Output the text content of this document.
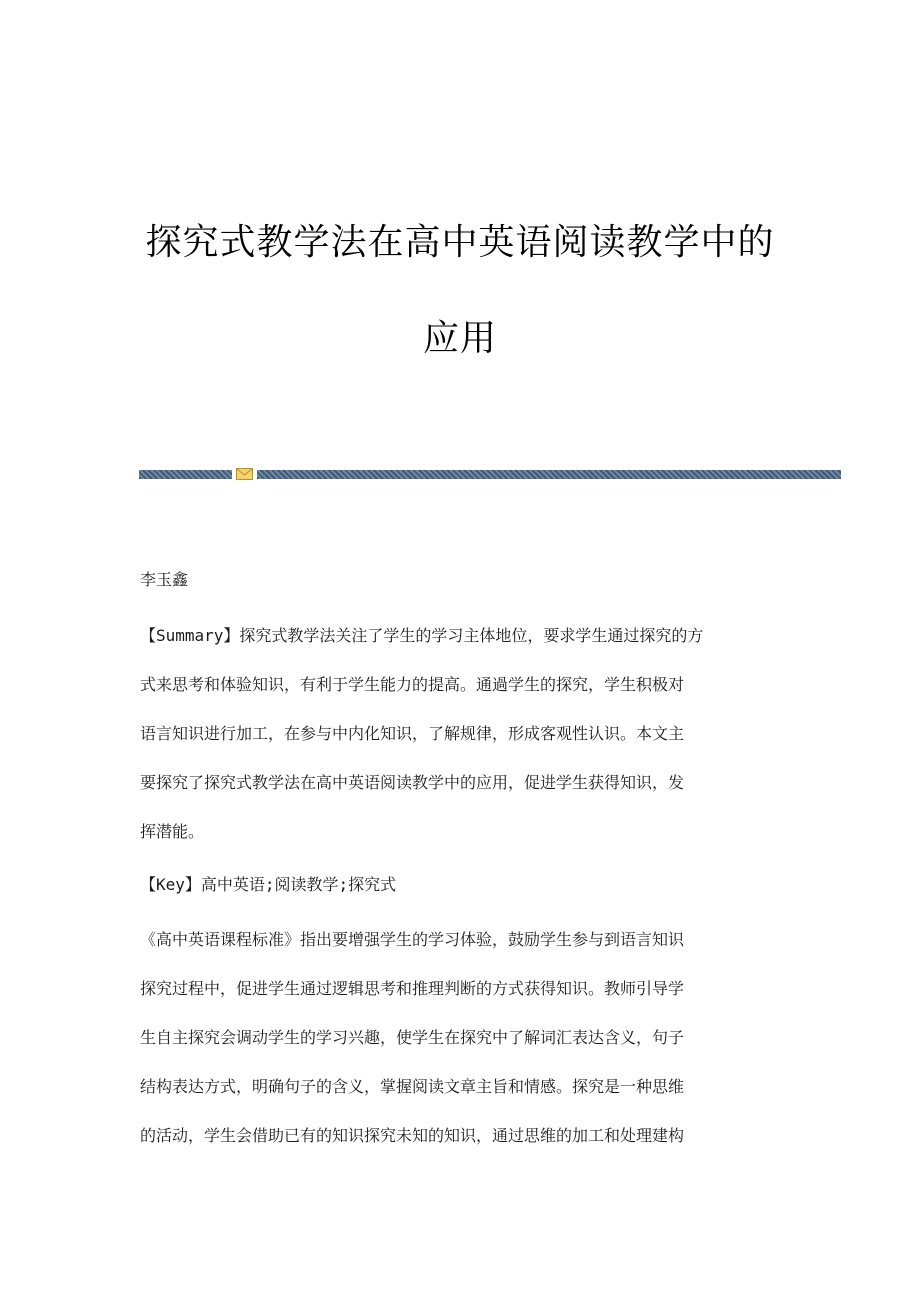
探究式教学法在高中英语阅读教学中的
应用
李玉鑫
【Summary】探究式教学法关注了学生的学习主体地位，要求学生通过探究的方
式来思考和体验知识，有利于学生能力的提高。通過学生的探究，学生积极对
语言知识进行加工，在参与中内化知识，了解规律，形成客观性认识。本文主
要探究了探究式教学法在高中英语阅读教学中的应用，促进学生获得知识，发
挥潜能。
【Key】高中英语;阅读教学;探究式
《高中英语课程标准》指出要增强学生的学习体验，鼓励学生参与到语言知识
探究过程中，促进学生通过逻辑思考和推理判断的方式获得知识。教师引导学
生自主探究会调动学生的学习兴趣，使学生在探究中了解词汇表达含义，句子
结构表达方式，明确句子的含义，掌握阅读文章主旨和情感。探究是一种思维
的活动，学生会借助已有的知识探究未知的知识，通过思维的加工和处理建构
